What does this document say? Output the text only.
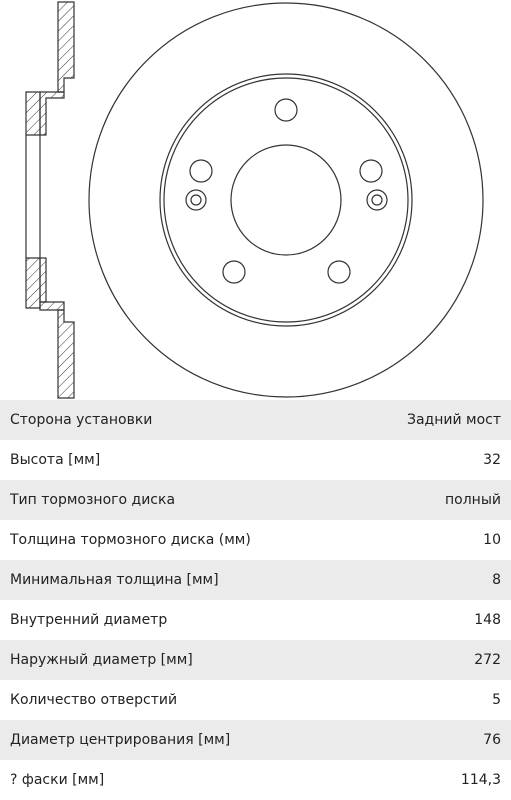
Сторона установки	Задний мост
Высота [мм]	32
Тип тормозного диска	полный
Толщина тормозного диска (мм)	10
Минимальная толщина [мм]	8
Внутренний диаметр	148
Наружный диаметр [мм]	272
Количество отверстий	5
Диаметр центрирования [мм]	76
? фаски [мм]	114,3
